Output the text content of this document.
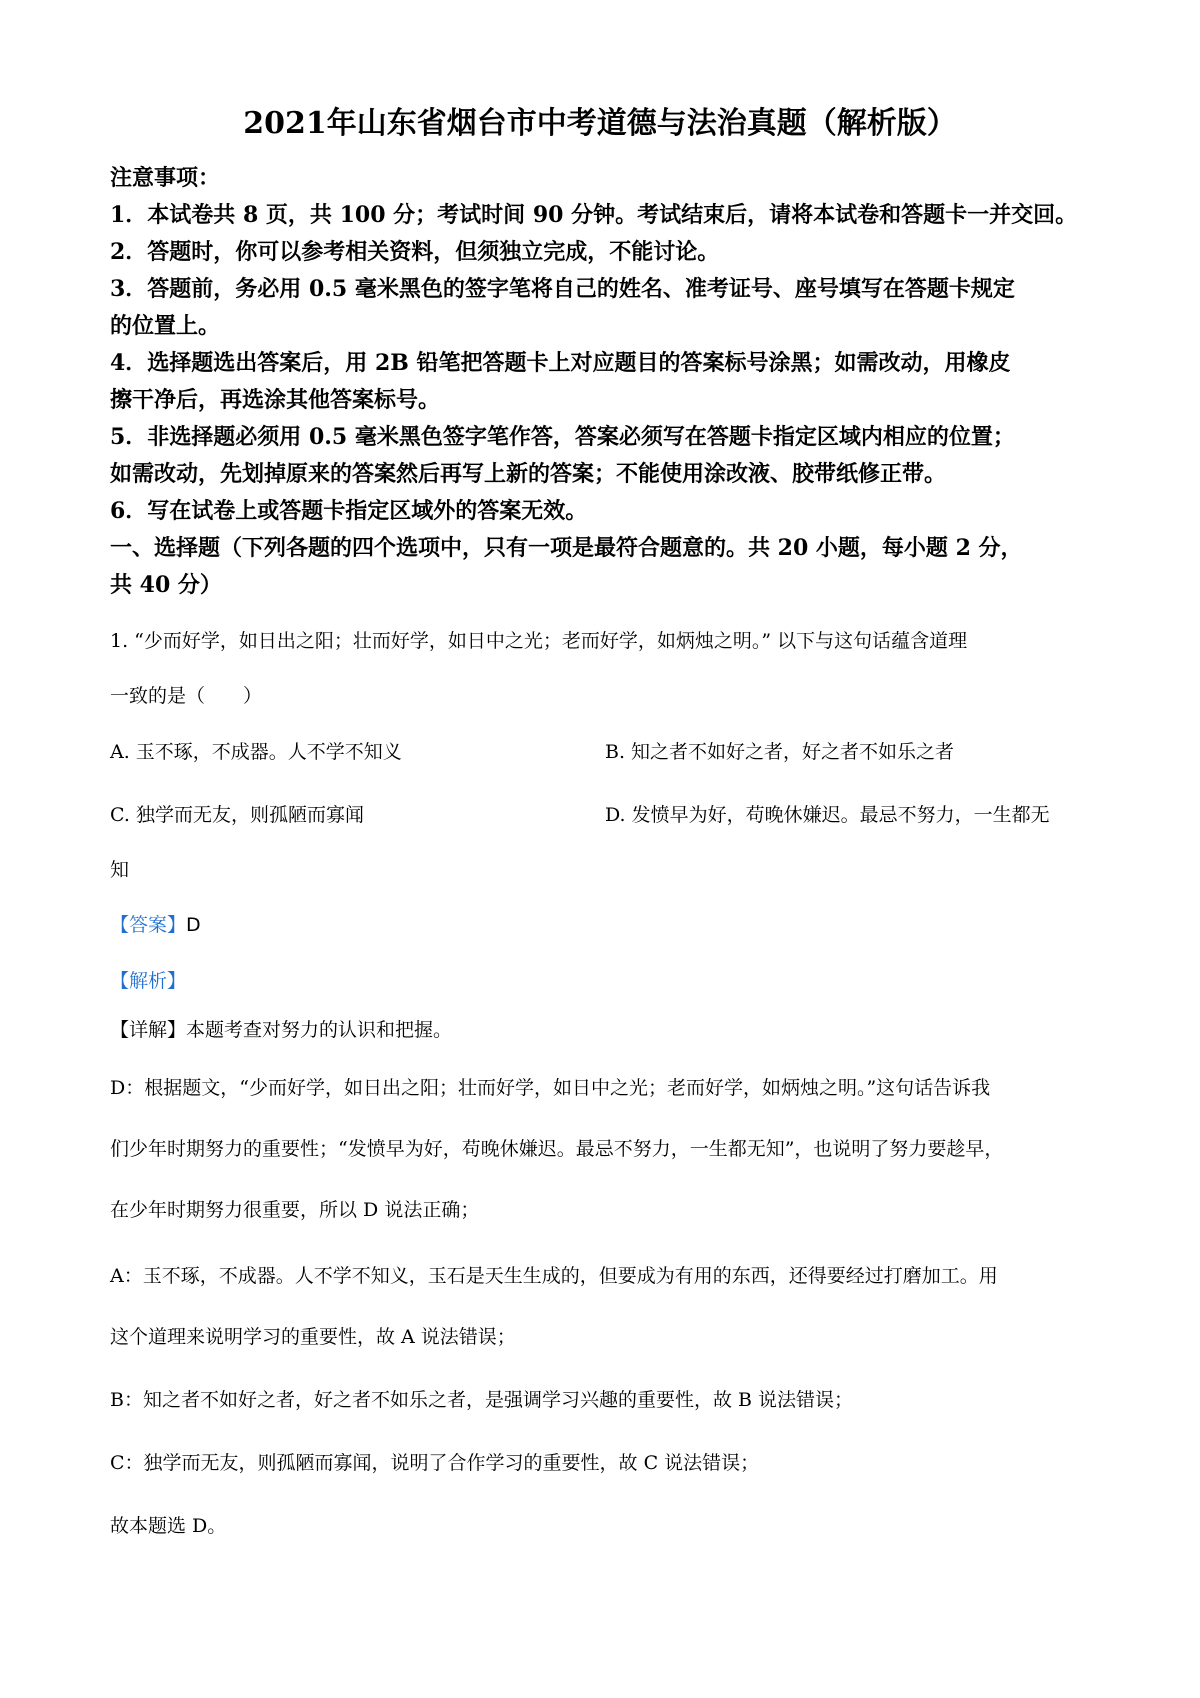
2021年山东省烟台市中考道德与法治真题（解析版）
注意事项：
1．本试卷共 8 页，共 100 分；考试时间 90 分钟。考试结束后，请将本试卷和答题卡一并交回。
2．答题时，你可以参考相关资料，但须独立完成，不能讨论。
3．答题前，务必用 0.5 毫米黑色的签字笔将自己的姓名、准考证号、座号填写在答题卡规定
的位置上。
4．选择题选出答案后，用 2B 铅笔把答题卡上对应题目的答案标号涂黑；如需改动，用橡皮
擦干净后，再选涂其他答案标号。
5．非选择题必须用 0.5 毫米黑色签字笔作答，答案必须写在答题卡指定区域内相应的位置；
如需改动，先划掉原来的答案然后再写上新的答案；不能使用涂改液、胶带纸修正带。
6．写在试卷上或答题卡指定区域外的答案无效。
一、选择题（下列各题的四个选项中，只有一项是最符合题意的。共 20 小题，每小题 2 分，
共 40 分）
1. “少而好学，如日出之阳；壮而好学，如日中之光；老而好学，如炳烛之明。” 以下与这句话蕴含道理
一致的是（　　）
A. 玉不琢，不成器。人不学不知义	B. 知之者不如好之者，好之者不如乐之者
C. 独学而无友，则孤陋而寡闻	D. 发愤早为好，苟晚休嫌迟。最忌不努力，一生都无
知
【答案】D
【解析】
【详解】本题考查对努力的认识和把握。
D：根据题文，“少而好学，如日出之阳；壮而好学，如日中之光；老而好学，如炳烛之明。”这句话告诉我
们少年时期努力的重要性；“发愤早为好，苟晚休嫌迟。最忌不努力，一生都无知”，也说明了努力要趁早，
在少年时期努力很重要，所以 D 说法正确；
A：玉不琢，不成器。人不学不知义，玉石是天生生成的，但要成为有用的东西，还得要经过打磨加工。用
这个道理来说明学习的重要性，故 A 说法错误；
B：知之者不如好之者，好之者不如乐之者，是强调学习兴趣的重要性，故 B 说法错误；
C：独学而无友，则孤陋而寡闻，说明了合作学习的重要性，故 C 说法错误；
故本题选 D。
